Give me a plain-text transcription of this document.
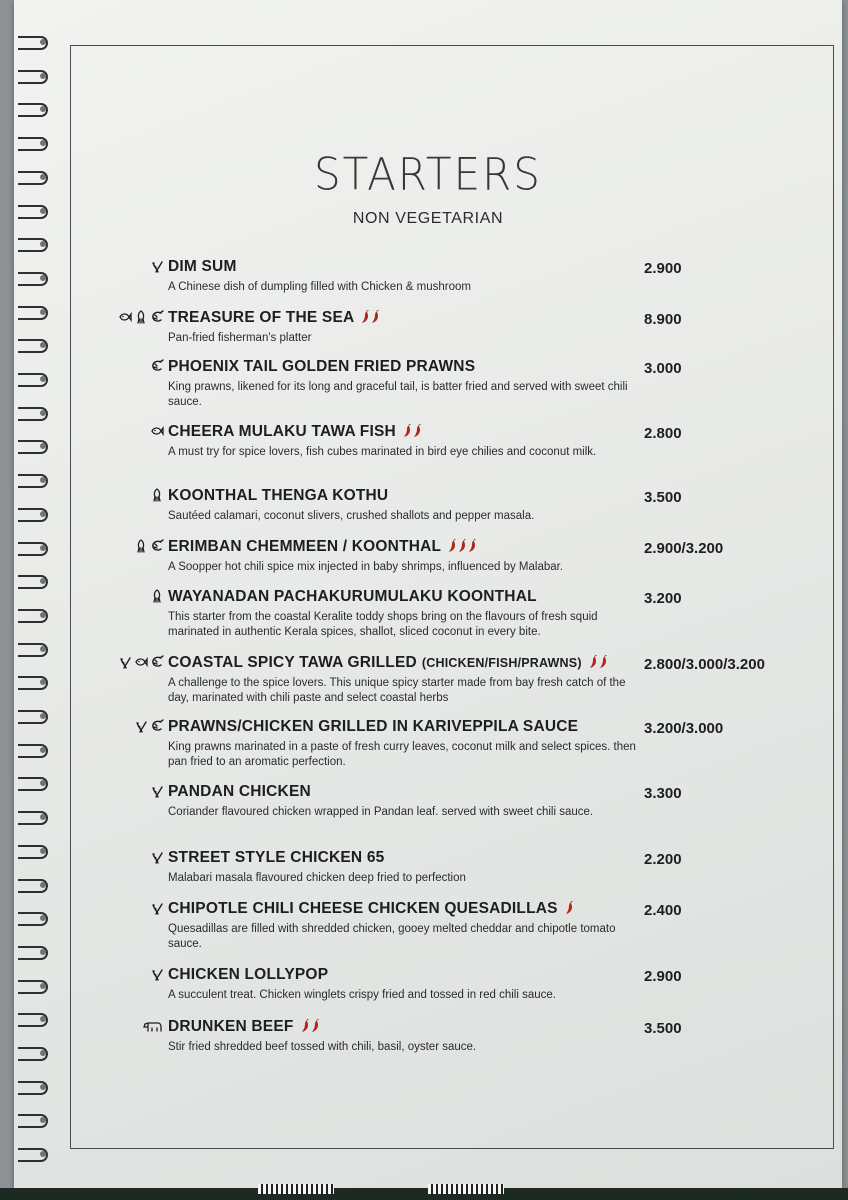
STARTERS
NON VEGETARIAN
DIM SUM
A Chinese dish of dumpling filled with Chicken & mushroom
2.900
TREASURE OF THE SEA
Pan-fried fisherman's platter
8.900
PHOENIX TAIL GOLDEN FRIED PRAWNS
King prawns, likened for its long and graceful tail, is batter fried and served with sweet chili sauce.
3.000
CHEERA MULAKU TAWA FISH
A must try for spice lovers, fish cubes marinated in bird eye chilies and coconut milk.
2.800
KOONTHAL THENGA KOTHU
Sautéed calamari, coconut slivers, crushed shallots and pepper masala.
3.500
ERIMBAN CHEMMEEN / KOONTHAL
A Soopper hot chili spice mix injected in baby shrimps, influenced by Malabar.
2.900/3.200
WAYANADAN PACHAKURUMULAKU KOONTHAL
This starter from the coastal Keralite toddy shops bring on the flavours of fresh squid marinated in authentic Kerala spices, shallot, sliced coconut in every bite.
3.200
COASTAL SPICY TAWA GRILLED (CHICKEN/FISH/PRAWNS)
A challenge to the spice lovers. This unique spicy starter made from bay fresh catch of the day, marinated with chili paste and select coastal herbs
2.800/3.000/3.200
PRAWNS/CHICKEN GRILLED IN KARIVEPPILA SAUCE
King prawns marinated in a paste of fresh curry leaves, coconut milk and select spices. then pan fried to an aromatic perfection.
3.200/3.000
PANDAN CHICKEN
Coriander flavoured chicken wrapped in Pandan leaf. served with sweet chili sauce.
3.300
STREET STYLE CHICKEN 65
Malabari masala flavoured chicken deep fried to perfection
2.200
CHIPOTLE CHILI CHEESE CHICKEN QUESADILLAS
Quesadillas are filled with shredded chicken, gooey melted cheddar and chipotle tomato sauce.
2.400
CHICKEN LOLLYPOP
A succulent treat. Chicken winglets crispy fried and tossed in red chili sauce.
2.900
DRUNKEN BEEF
Stir fried shredded beef tossed with chili, basil, oyster sauce.
3.500
